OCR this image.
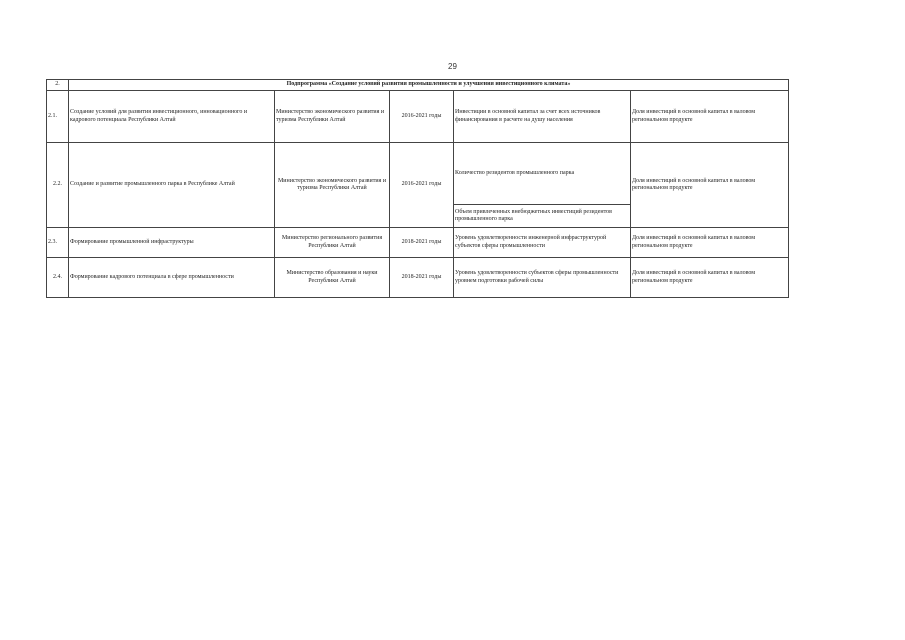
29
2.	Подпрограмма «Создание условий развития промышленности и улучшения инвестиционного климата»				
2.1.	Создание условий для развития инвестиционного, инновационного и кадрового потенциала Республики Алтай	Министерство экономического развития и туризма Республики Алтай	2016-2021 годы	Инвестиции в основной капитал за счет всех источников финансирования в расчете на душу населения	Доля инвестиций в основной капитал в валовом региональном продукте
2.2.	Создание и развитие промышленного парка в Республике Алтай	Министерство экономического развития и туризма Республики Алтай	2016-2021 годы	Количество резидентов промышленного парка	Доля инвестиций в основной капитал в валовом региональном продукте
				Объем привлеченных внебюджетных инвестиций резидентов промышленного парка	
2.3.	Формирование промышленной инфраструктуры	Министерство регионального развития Республики Алтай	2018-2021 годы	Уровень удовлетворенности инженерной инфраструктурой субъектов сферы промышленности	Доля инвестиций в основной капитал в валовом региональном продукте
2.4.	Формирование кадрового потенциала в сфере промышленности	Министерство образования и науки Республики Алтай	2018-2021 годы	Уровень удовлетворенности субъектов сферы промышленности уровнем подготовки рабочей силы	Доля инвестиций в основной капитал в валовом региональном продукте
